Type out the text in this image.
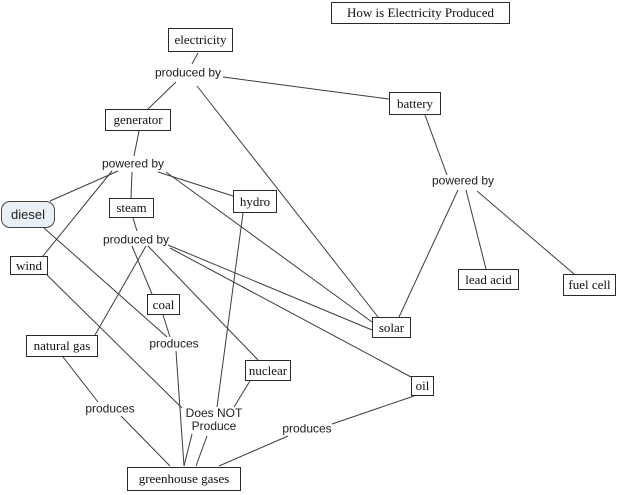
How is Electricity Produced
electricity
battery
generator
diesel	steam	hydro
wind
coal
natural gas
nuclear
solar
oil
lead acid	fuel cell
greenhouse gases
produced by
powered by
powered by
produced by
produces
produces
produces
Does NOT
Produce
